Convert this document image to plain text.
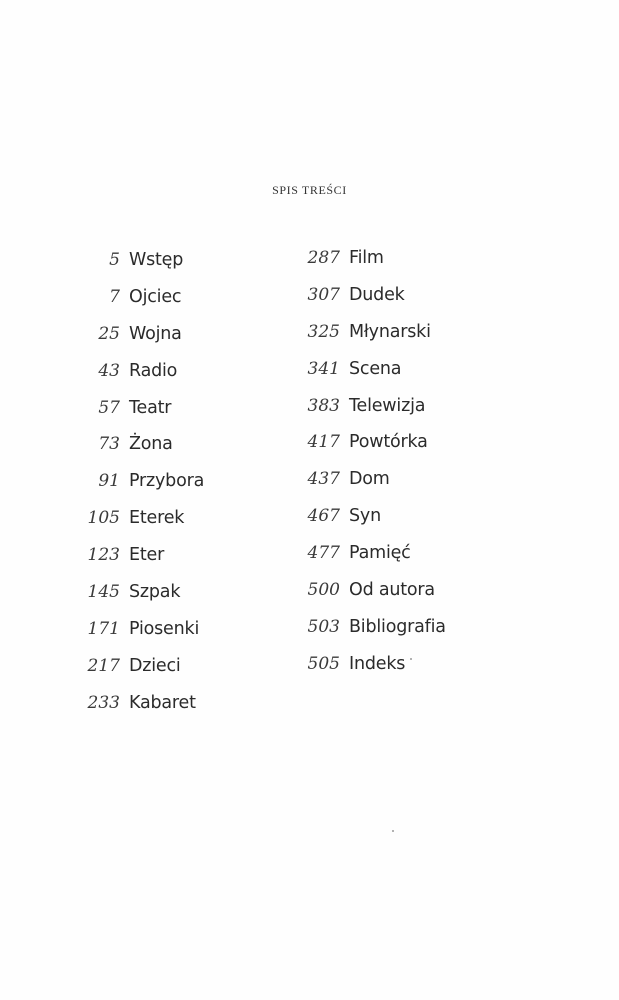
SPIS TREŚCI
5 Wstęp
7 Ojciec
25 Wojna
43 Radio
57 Teatr
73 Żona
91 Przybora
105 Eterek
123 Eter
145 Szpak
171 Piosenki
217 Dzieci
233 Kabaret
287 Film
307 Dudek
325 Młynarski
341 Scena
383 Telewizja
417 Powtórka
437 Dom
467 Syn
477 Pamięć
500 Od autora
503 Bibliografia
505 Indeks
